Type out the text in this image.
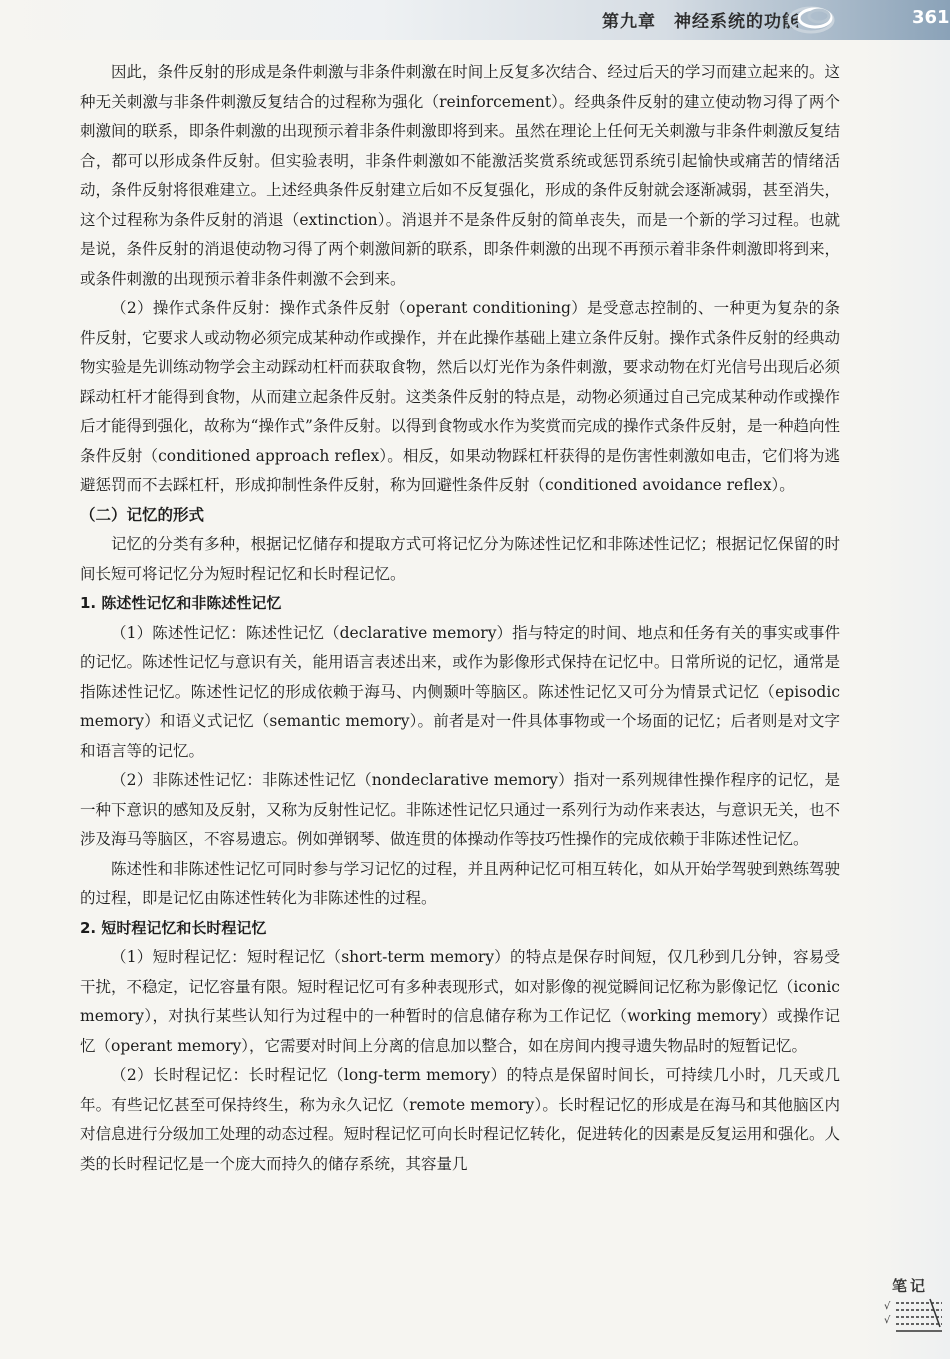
第九章　神经系统的功能	361

因此，条件反射的形成是条件刺激与非条件刺激在时间上反复多次结合、经过后天的学习而建立起来的。这种无关刺激与非条件刺激反复结合的过程称为强化（reinforcement）。经典条件反射的建立使动物习得了两个刺激间的联系，即条件刺激的出现预示着非条件刺激即将到来。虽然在理论上任何无关刺激与非条件刺激反复结合，都可以形成条件反射。但实验表明，非条件刺激如不能激活奖赏系统或惩罚系统引起愉快或痛苦的情绪活动，条件反射将很难建立。上述经典条件反射建立后如不反复强化，形成的条件反射就会逐渐减弱，甚至消失，这个过程称为条件反射的消退（extinction）。消退并不是条件反射的简单丧失，而是一个新的学习过程。也就是说，条件反射的消退使动物习得了两个刺激间新的联系，即条件刺激的出现不再预示着非条件刺激即将到来，或条件刺激的出现预示着非条件刺激不会到来。

（2）操作式条件反射：操作式条件反射（operant conditioning）是受意志控制的、一种更为复杂的条件反射，它要求人或动物必须完成某种动作或操作，并在此操作基础上建立条件反射。操作式条件反射的经典动物实验是先训练动物学会主动踩动杠杆而获取食物，然后以灯光作为条件刺激，要求动物在灯光信号出现后必须踩动杠杆才能得到食物，从而建立起条件反射。这类条件反射的特点是，动物必须通过自己完成某种动作或操作后才能得到强化，故称为“操作式”条件反射。以得到食物或水作为奖赏而完成的操作式条件反射，是一种趋向性条件反射（conditioned approach reflex）。相反，如果动物踩杠杆获得的是伤害性刺激如电击，它们将为逃避惩罚而不去踩杠杆，形成抑制性条件反射，称为回避性条件反射（conditioned avoidance reflex）。

（二）记忆的形式

记忆的分类有多种，根据记忆储存和提取方式可将记忆分为陈述性记忆和非陈述性记忆；根据记忆保留的时间长短可将记忆分为短时程记忆和长时程记忆。

1. 陈述性记忆和非陈述性记忆

（1）陈述性记忆：陈述性记忆（declarative memory）指与特定的时间、地点和任务有关的事实或事件的记忆。陈述性记忆与意识有关，能用语言表述出来，或作为影像形式保持在记忆中。日常所说的记忆，通常是指陈述性记忆。陈述性记忆的形成依赖于海马、内侧颞叶等脑区。陈述性记忆又可分为情景式记忆（episodic memory）和语义式记忆（semantic memory）。前者是对一件具体事物或一个场面的记忆；后者则是对文字和语言等的记忆。

（2）非陈述性记忆：非陈述性记忆（nondeclarative memory）指对一系列规律性操作程序的记忆，是一种下意识的感知及反射，又称为反射性记忆。非陈述性记忆只通过一系列行为动作来表达，与意识无关，也不涉及海马等脑区，不容易遗忘。例如弹钢琴、做连贯的体操动作等技巧性操作的完成依赖于非陈述性记忆。

陈述性和非陈述性记忆可同时参与学习记忆的过程，并且两种记忆可相互转化，如从开始学驾驶到熟练驾驶的过程，即是记忆由陈述性转化为非陈述性的过程。

2. 短时程记忆和长时程记忆

（1）短时程记忆：短时程记忆（short-term memory）的特点是保存时间短，仅几秒到几分钟，容易受干扰，不稳定，记忆容量有限。短时程记忆可有多种表现形式，如对影像的视觉瞬间记忆称为影像记忆（iconic memory），对执行某些认知行为过程中的一种暂时的信息储存称为工作记忆（working memory）或操作记忆（operant memory），它需要对时间上分离的信息加以整合，如在房间内搜寻遗失物品时的短暂记忆。

（2）长时程记忆：长时程记忆（long-term memory）的特点是保留时间长，可持续几小时，几天或几年。有些记忆甚至可保持终生，称为永久记忆（remote memory）。长时程记忆的形成是在海马和其他脑区内对信息进行分级加工处理的动态过程。短时程记忆可向长时程记忆转化，促进转化的因素是反复运用和强化。人类的长时程记忆是一个庞大而持久的储存系统，其容量几

笔记
√
√
